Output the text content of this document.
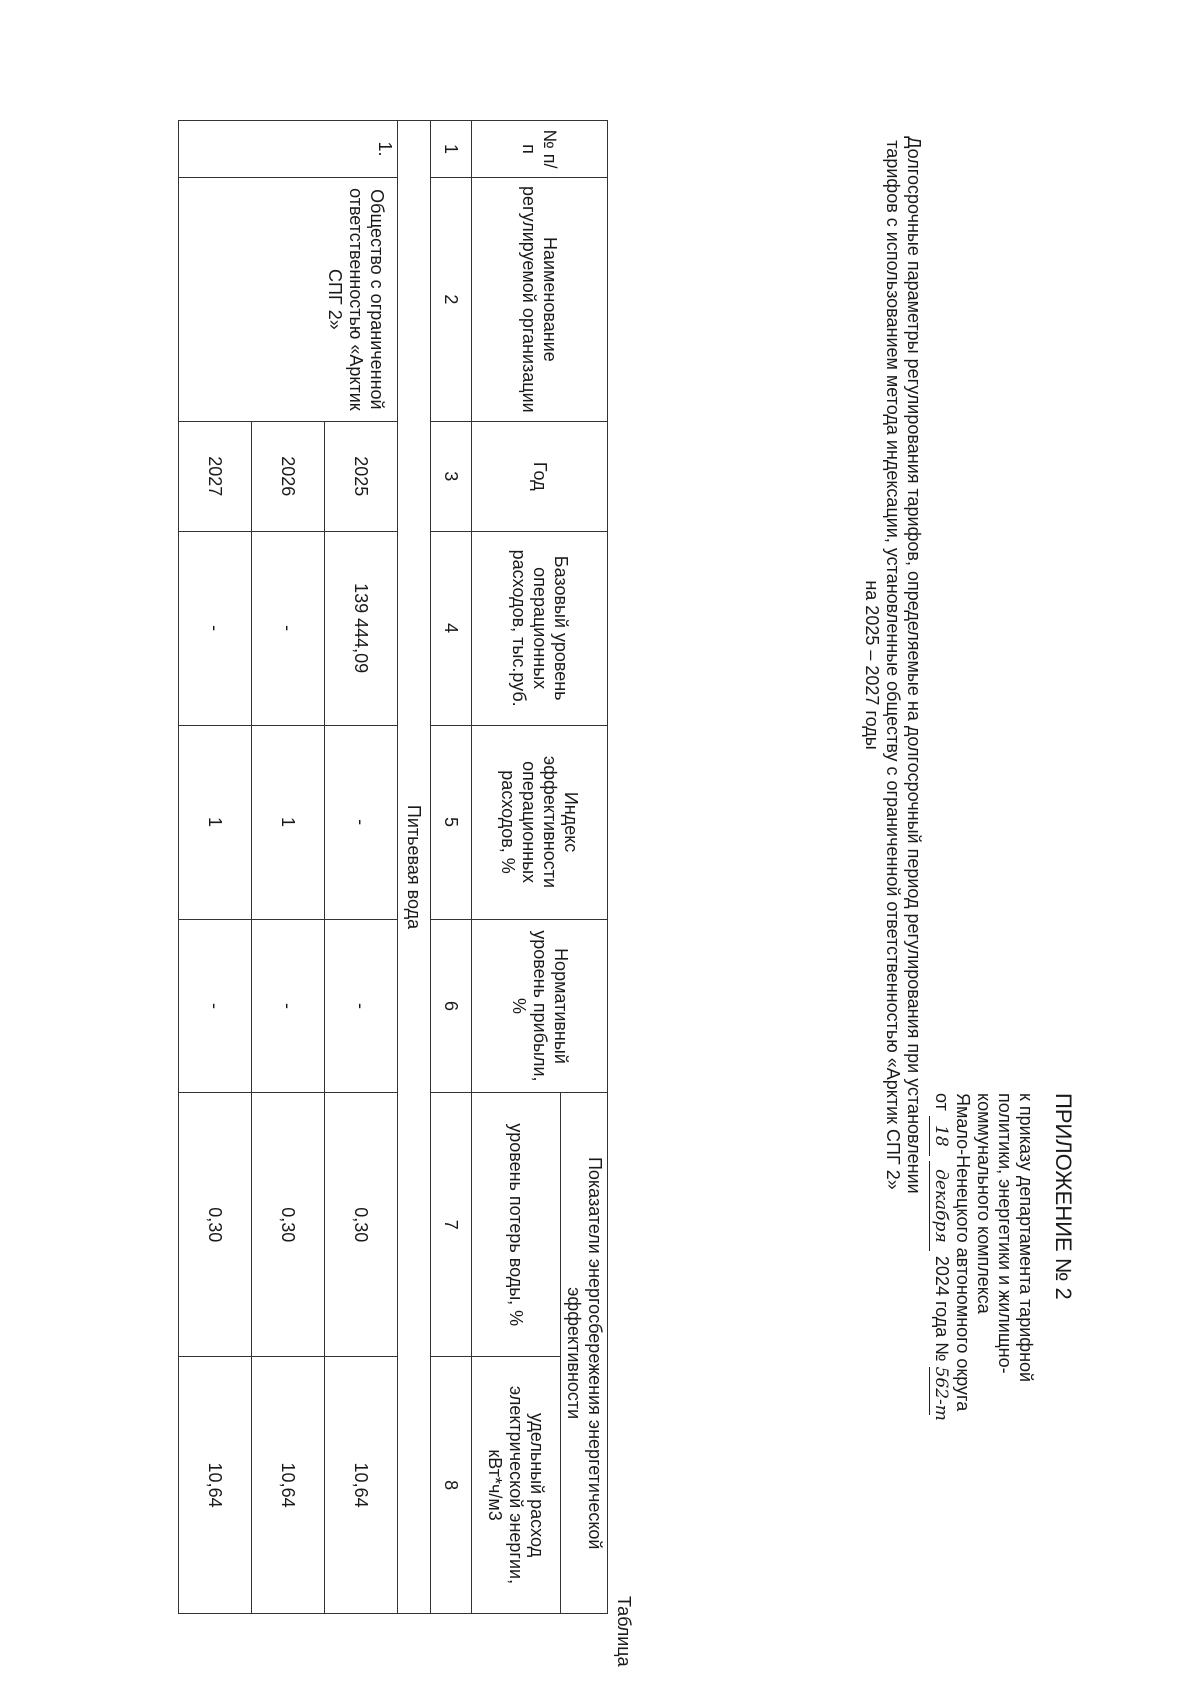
ПРИЛОЖЕНИЕ № 2
к приказу департамента тарифной
политики, энергетики и жилищно-
коммунального комплекса
Ямало-Ненецкого автономного округа
от 18 декабря 2024 года № 562-т
Долгосрочные параметры регулирования тарифов, определяемые на долгосрочный период регулирования при установлении
тарифов с использованием метода индексации, установленные обществу с ограниченной ответственностью «Арктик СПГ 2»
на 2025 – 2027 годы
Таблица
№ п/п	Наименование регулируемой организации	Год	Базовый уровень операционных расходов, тыс.руб.	Индекс эффективности операционных расходов, %	Нормативный уровень прибыли, %	Показатели энергосбережения энергетической эффективности	
						уровень потерь воды, %	удельный расход электрической энергии, кВт*ч/м3
1	2	3	4	5	6	7	8
Питьевая вода							
1.	Общество с ограниченной ответственностью «Арктик СПГ 2»	2025	139 444,09	-	-	0,30	10,64
		2026	-	1	-	0,30	10,64
		2027	-	1	-	0,30	10,64
